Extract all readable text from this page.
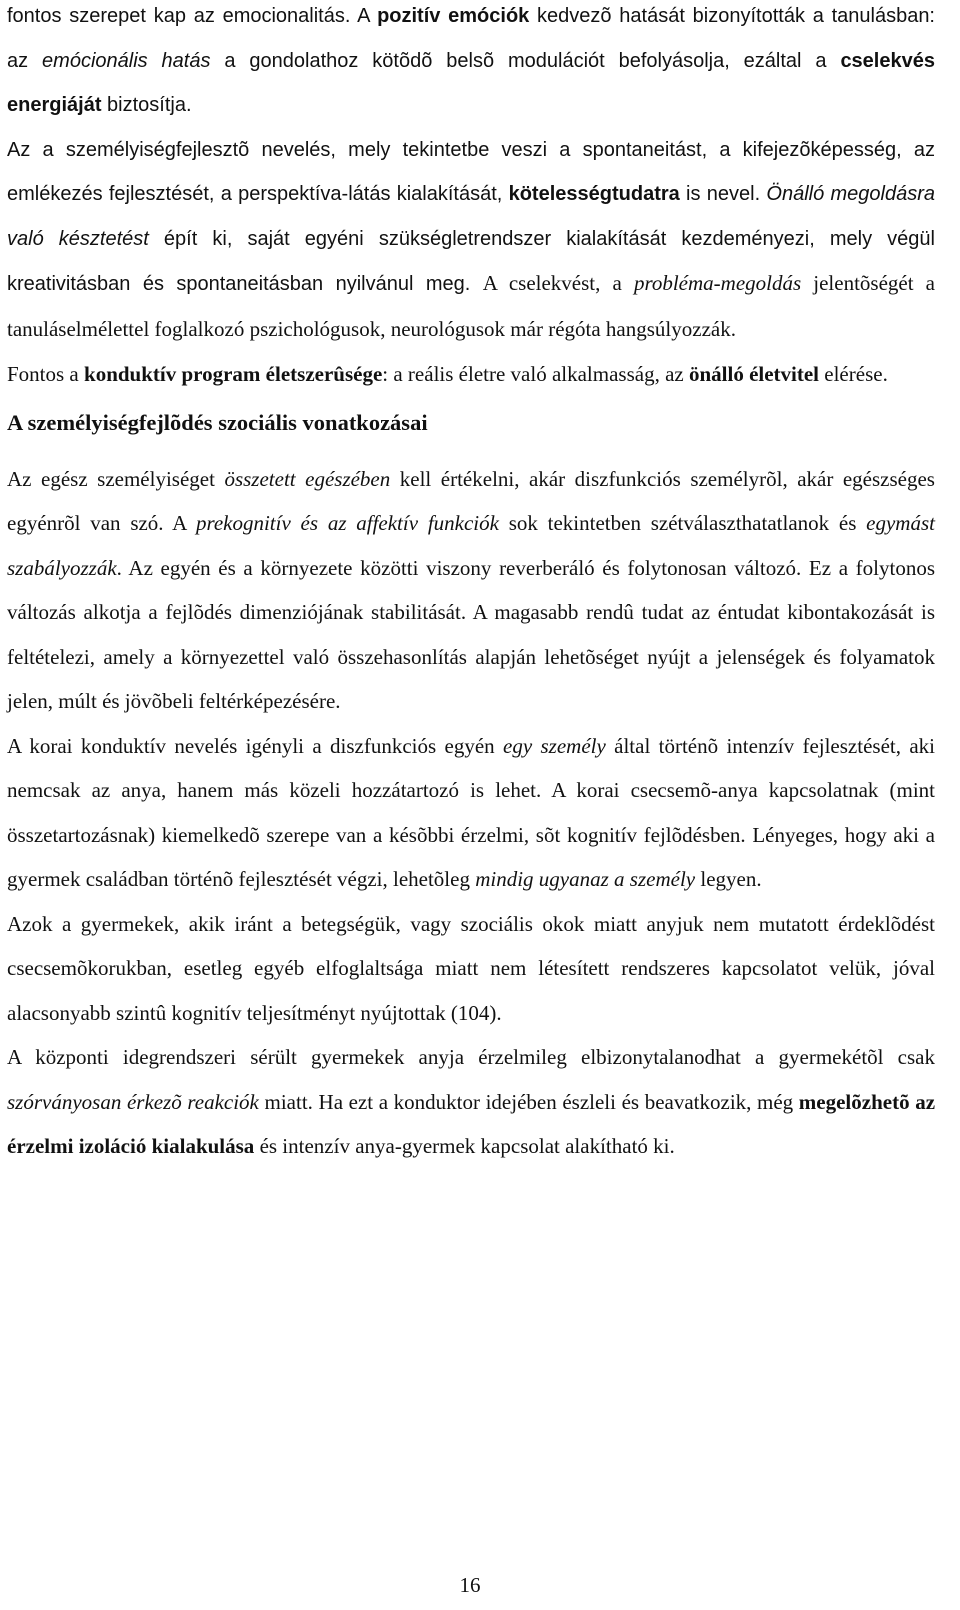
fontos szerepet kap az emocionalitás. A pozitív emóciók kedvezõ hatását bizonyították a tanulásban: az emócionális hatás a gondolathoz kötõdõ belsõ modulációt befolyásolja, ezáltal a cselekvés energiáját biztosítja.

Az a személyiségfejlesztõ nevelés, mely tekintetbe veszi a spontaneitást, a kifejezõképesség, az emlékezés fejlesztését, a perspektíva-látás kialakítását, kötelességtudatra is nevel. Önálló megoldásra való késztetést épít ki, saját egyéni szükségletrendszer kialakítását kezdeményezi, mely végül kreativitásban és spontaneitásban nyilvánul meg. A cselekvést, a probléma-megoldás jelentõségét a tanuláselmélettel foglalkozó pszichológusok, neurológusok már régóta hangsúlyozzák.

Fontos a konduktív program életszerûsége: a reális életre való alkalmasság, az önálló életvitel elérése.

A személyiségfejlõdés szociális vonatkozásai

Az egész személyiséget összetett egészében kell értékelni, akár diszfunkciós személyrõl, akár egészséges egyénrõl van szó. A prekognitív és az affektív funkciók sok tekintetben szétválaszthatatlanok és egymást szabályozzák. Az egyén és a környezete közötti viszony reverberáló és folytonosan változó. Ez a folytonos változás alkotja a fejlõdés dimenziójának stabilitását. A magasabb rendû tudat az éntudat kibontakozását is feltételezi, amely a környezettel való összehasonlítás alapján lehetõséget nyújt a jelenségek és folyamatok jelen, múlt és jövõbeli feltérképezésére.

A korai konduktív nevelés igényli a diszfunkciós egyén egy személy által történõ intenzív fejlesztését, aki nemcsak az anya, hanem más közeli hozzátartozó is lehet. A korai csecsemõ-anya kapcsolatnak (mint összetartozásnak) kiemelkedõ szerepe van a késõbbi érzelmi, sõt kognitív fejlõdésben. Lényeges, hogy aki a gyermek családban történõ fejlesztését végzi, lehetõleg mindig ugyanaz a személy legyen.

Azok a gyermekek, akik iránt a betegségük, vagy szociális okok miatt anyjuk nem mutatott érdeklõdést csecsemõkorukban, esetleg egyéb elfoglaltsága miatt nem létesített rendszeres kapcsolatot velük, jóval alacsonyabb szintû kognitív teljesítményt nyújtottak (104).

A központi idegrendszeri sérült gyermekek anyja érzelmileg elbizonytalanodhat a gyermekétõl csak szórványosan érkezõ reakciók miatt. Ha ezt a konduktor idejében észleli és beavatkozik, még megelõzhetõ az érzelmi izoláció kialakulása és intenzív anya-gyermek kapcsolat alakítható ki.

16
